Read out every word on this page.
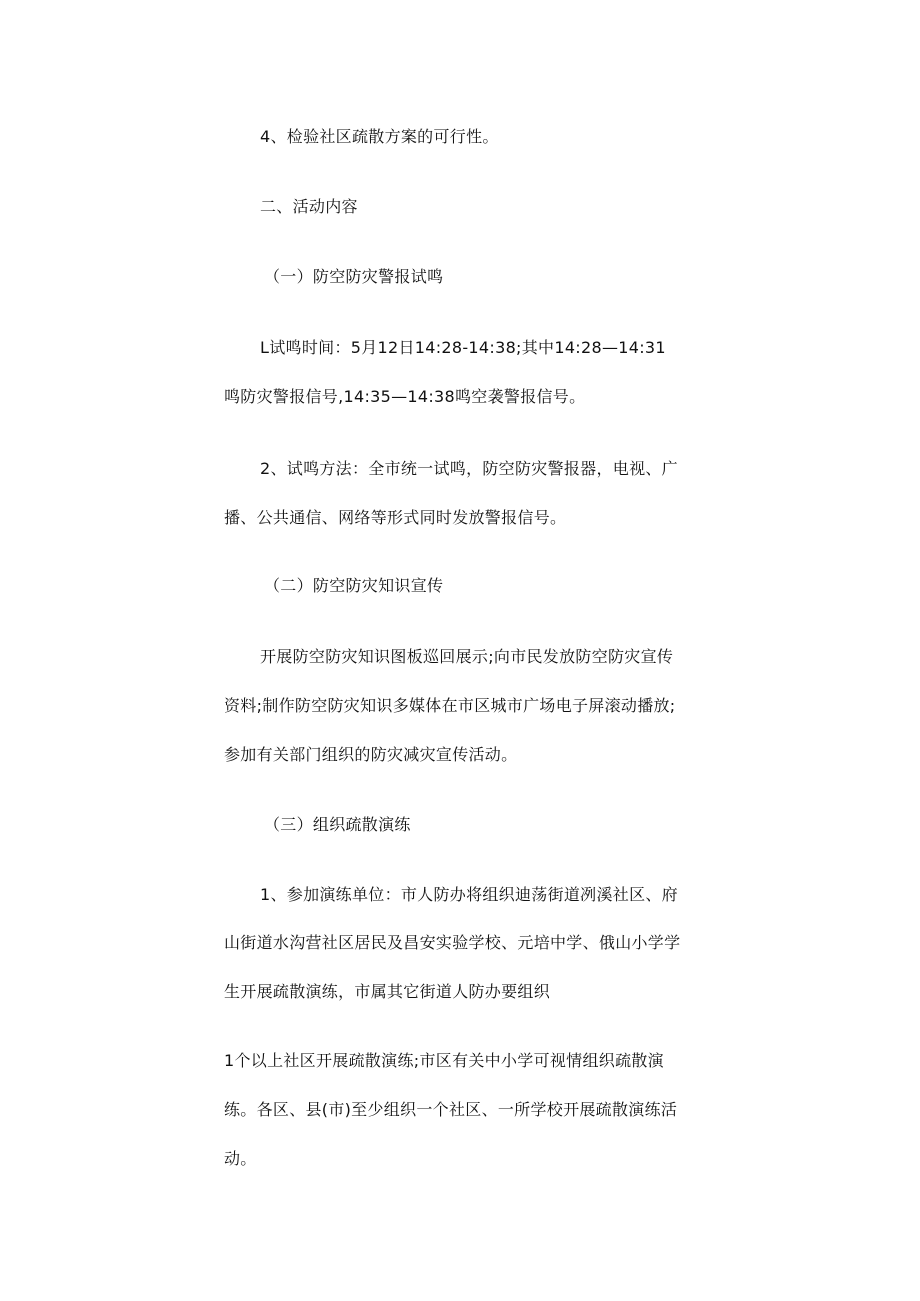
4、检验社区疏散方案的可行性。
二、活动内容
（一）防空防灾警报试鸣
L试鸣时间：5月12日14:28-14:38;其中14:28—14:31
鸣防灾警报信号,14:35—14:38鸣空袭警报信号。
2、试鸣方法：全市统一试鸣，防空防灾警报器，电视、广
播、公共通信、网络等形式同时发放警报信号。
（二）防空防灾知识宣传
开展防空防灾知识图板巡回展示;向市民发放防空防灾宣传
资料;制作防空防灾知识多媒体在市区城市广场电子屏滚动播放;
参加有关部门组织的防灾减灾宣传活动。
（三）组织疏散演练
1、参加演练单位：市人防办将组织迪荡街道冽溪社区、府
山街道水沟营社区居民及昌安实验学校、元培中学、俄山小学学
生开展疏散演练，市属其它街道人防办要组织
1个以上社区开展疏散演练;市区有关中小学可视情组织疏散演
练。各区、县(市)至少组织一个社区、一所学校开展疏散演练活
动。
